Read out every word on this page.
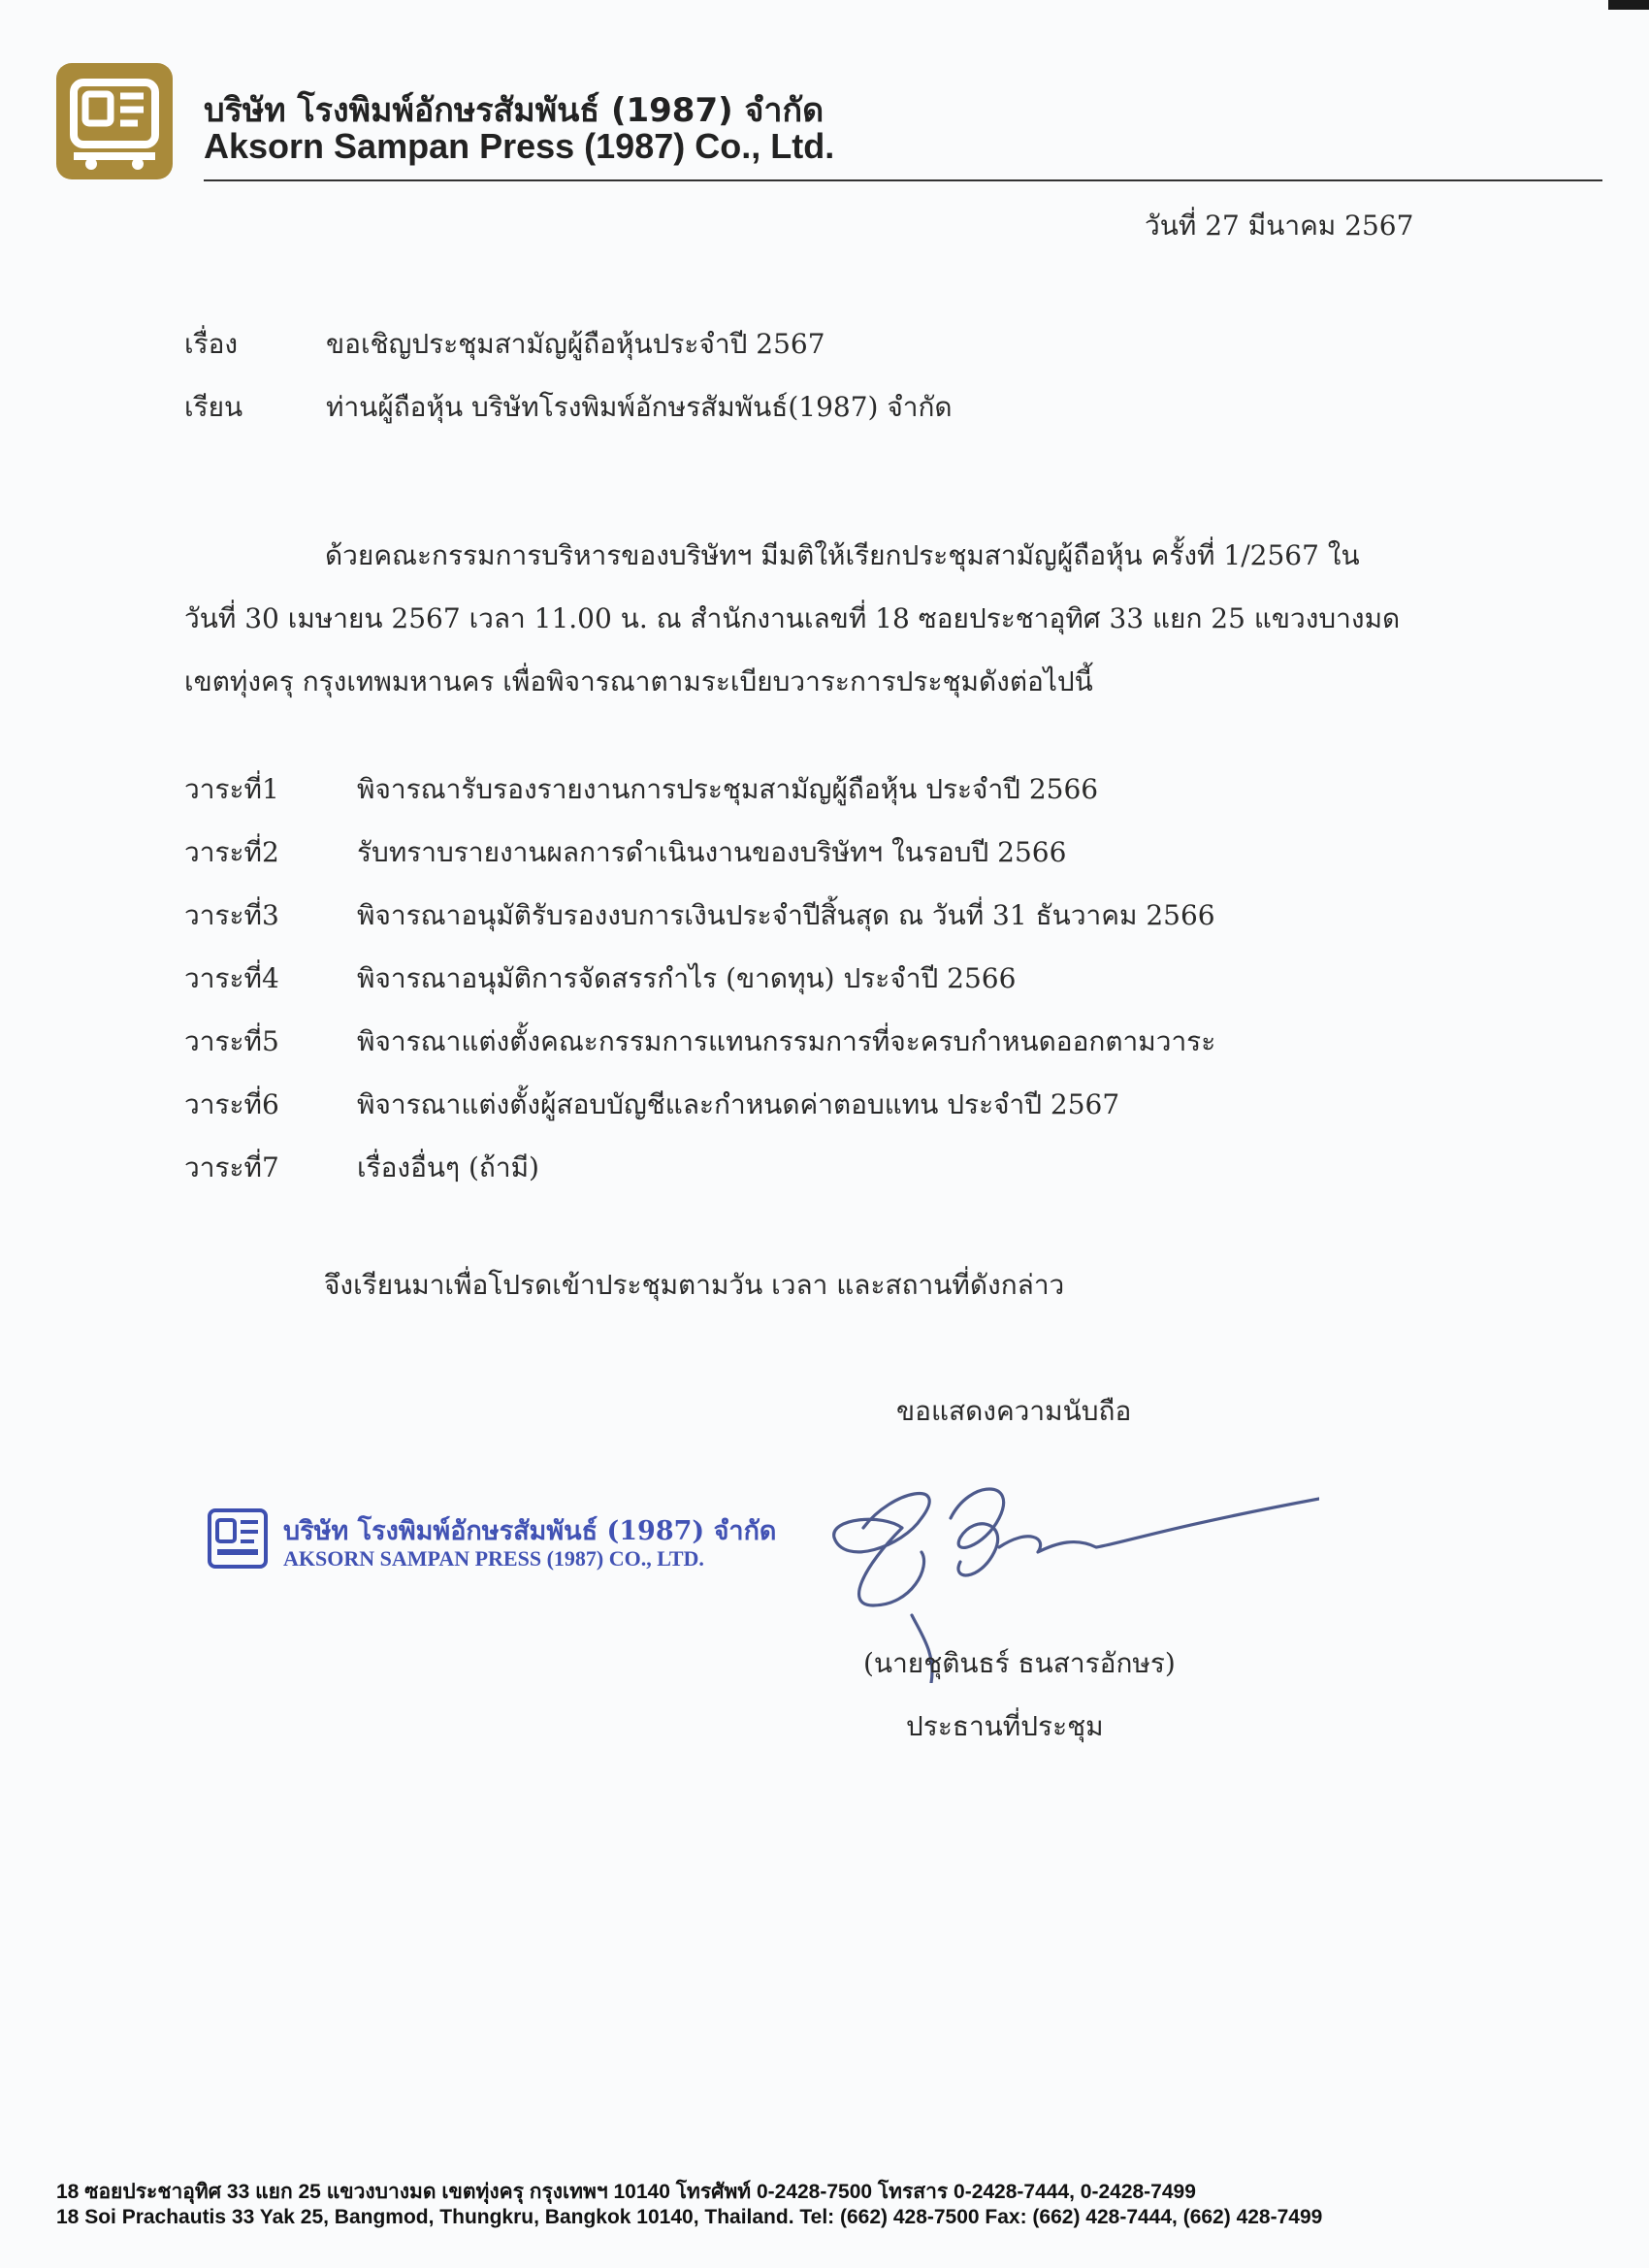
บริษัท โรงพิมพ์อักษรสัมพันธ์ (1987) จำกัด
Aksorn Sampan Press (1987) Co., Ltd.
วันที่ 27 มีนาคม 2567
เรื่อง	ขอเชิญประชุมสามัญผู้ถือหุ้นประจำปี 2567
เรียน	ท่านผู้ถือหุ้น บริษัทโรงพิมพ์อักษรสัมพันธ์(1987) จำกัด

ด้วยคณะกรรมการบริหารของบริษัทฯ มีมติให้เรียกประชุมสามัญผู้ถือหุ้น ครั้งที่ 1/2567 ใน

วันที่ 30 เมษายน 2567 เวลา 11.00 น. ณ สำนักงานเลขที่ 18 ซอยประชาอุทิศ 33 แยก 25 แขวงบางมด

เขตทุ่งครุ กรุงเทพมหานคร เพื่อพิจารณาตามระเบียบวาระการประชุมดังต่อไปนี้

วาระที่1	พิจารณารับรองรายงานการประชุมสามัญผู้ถือหุ้น ประจำปี 2566
วาระที่2	รับทราบรายงานผลการดำเนินงานของบริษัทฯ ในรอบปี 2566
วาระที่3	พิจารณาอนุมัติรับรองงบการเงินประจำปีสิ้นสุด ณ วันที่ 31 ธันวาคม 2566
วาระที่4	พิจารณาอนุมัติการจัดสรรกำไร (ขาดทุน) ประจำปี 2566
วาระที่5	พิจารณาแต่งตั้งคณะกรรมการแทนกรรมการที่จะครบกำหนดออกตามวาระ
วาระที่6	พิจารณาแต่งตั้งผู้สอบบัญชีและกำหนดค่าตอบแทน ประจำปี 2567
วาระที่7	เรื่องอื่นๆ (ถ้ามี)
จึงเรียนมาเพื่อโปรดเข้าประชุมตามวัน เวลา และสถานที่ดังกล่าว
ขอแสดงความนับถือ
บริษัท โรงพิมพ์อักษรสัมพันธ์ (1987) จำกัด
AKSORN SAMPAN PRESS (1987) CO., LTD.
(นายชุตินธร์ ธนสารอักษร)
ประธานที่ประชุม
18 ซอยประชาอุทิศ 33 แยก 25 แขวงบางมด เขตทุ่งครุ กรุงเทพฯ 10140 โทรศัพท์ 0-2428-7500 โทรสาร 0-2428-7444, 0-2428-7499
18 Soi Prachautis 33 Yak 25, Bangmod, Thungkru, Bangkok 10140, Thailand. Tel: (662) 428-7500 Fax: (662) 428-7444, (662) 428-7499
